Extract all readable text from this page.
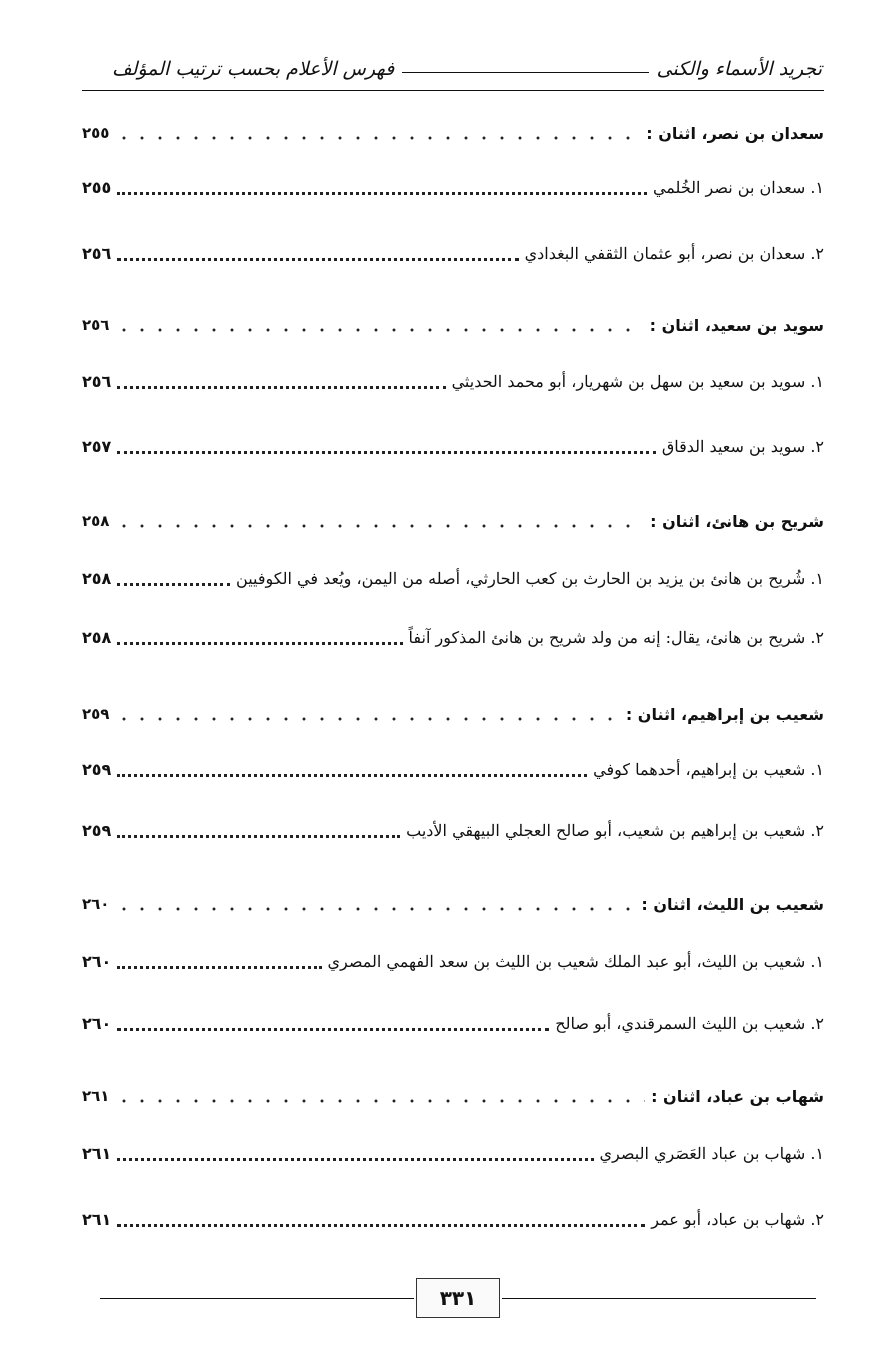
تجريد الأسماء والكنى
فهرس الأعلام بحسب ترتيب المؤلف
سعدان بن نصر، اثنان :
٢٥٥
١. سعدان بن نصر الخُلمي
٢٥٥
٢. سعدان بن نصر، أبو عثمان الثقفي البغدادي
٢٥٦
سويد بن سعيد، اثنان :
٢٥٦
١. سويد بن سعيد بن سهل بن شهريار، أبو محمد الحديثي
٢٥٦
٢. سويد بن سعيد الدقاق
٢٥٧
شريح بن هانئ، اثنان :
٢٥٨
١. شُريح بن هانئ بن يزيد بن الحارث بن كعب الحارثي، أصله من اليمن، ويُعد في الكوفيين
٢٥٨
٢. شريح بن هانئ، يقال: إنه من ولد شريح بن هانئ المذكور آنفاً
٢٥٨
شعيب بن إبراهيم، اثنان :
٢٥٩
١. شعيب بن إبراهيم، أحدهما كوفي
٢٥٩
٢. شعيب بن إبراهيم بن شعيب، أبو صالح العجلي البيهقي الأديب
٢٥٩
شعيب بن الليث، اثنان :
٢٦٠
١. شعيب بن الليث، أبو عبد الملك شعيب بن الليث بن سعد الفهمي المصري
٢٦٠
٢. شعيب بن الليث السمرقندي، أبو صالح
٢٦٠
شهاب بن عباد، اثنان :
٢٦١
١. شهاب بن عباد العَصَري البصري
٢٦١
٢. شهاب بن عباد، أبو عمر
٢٦١
٣٣١
